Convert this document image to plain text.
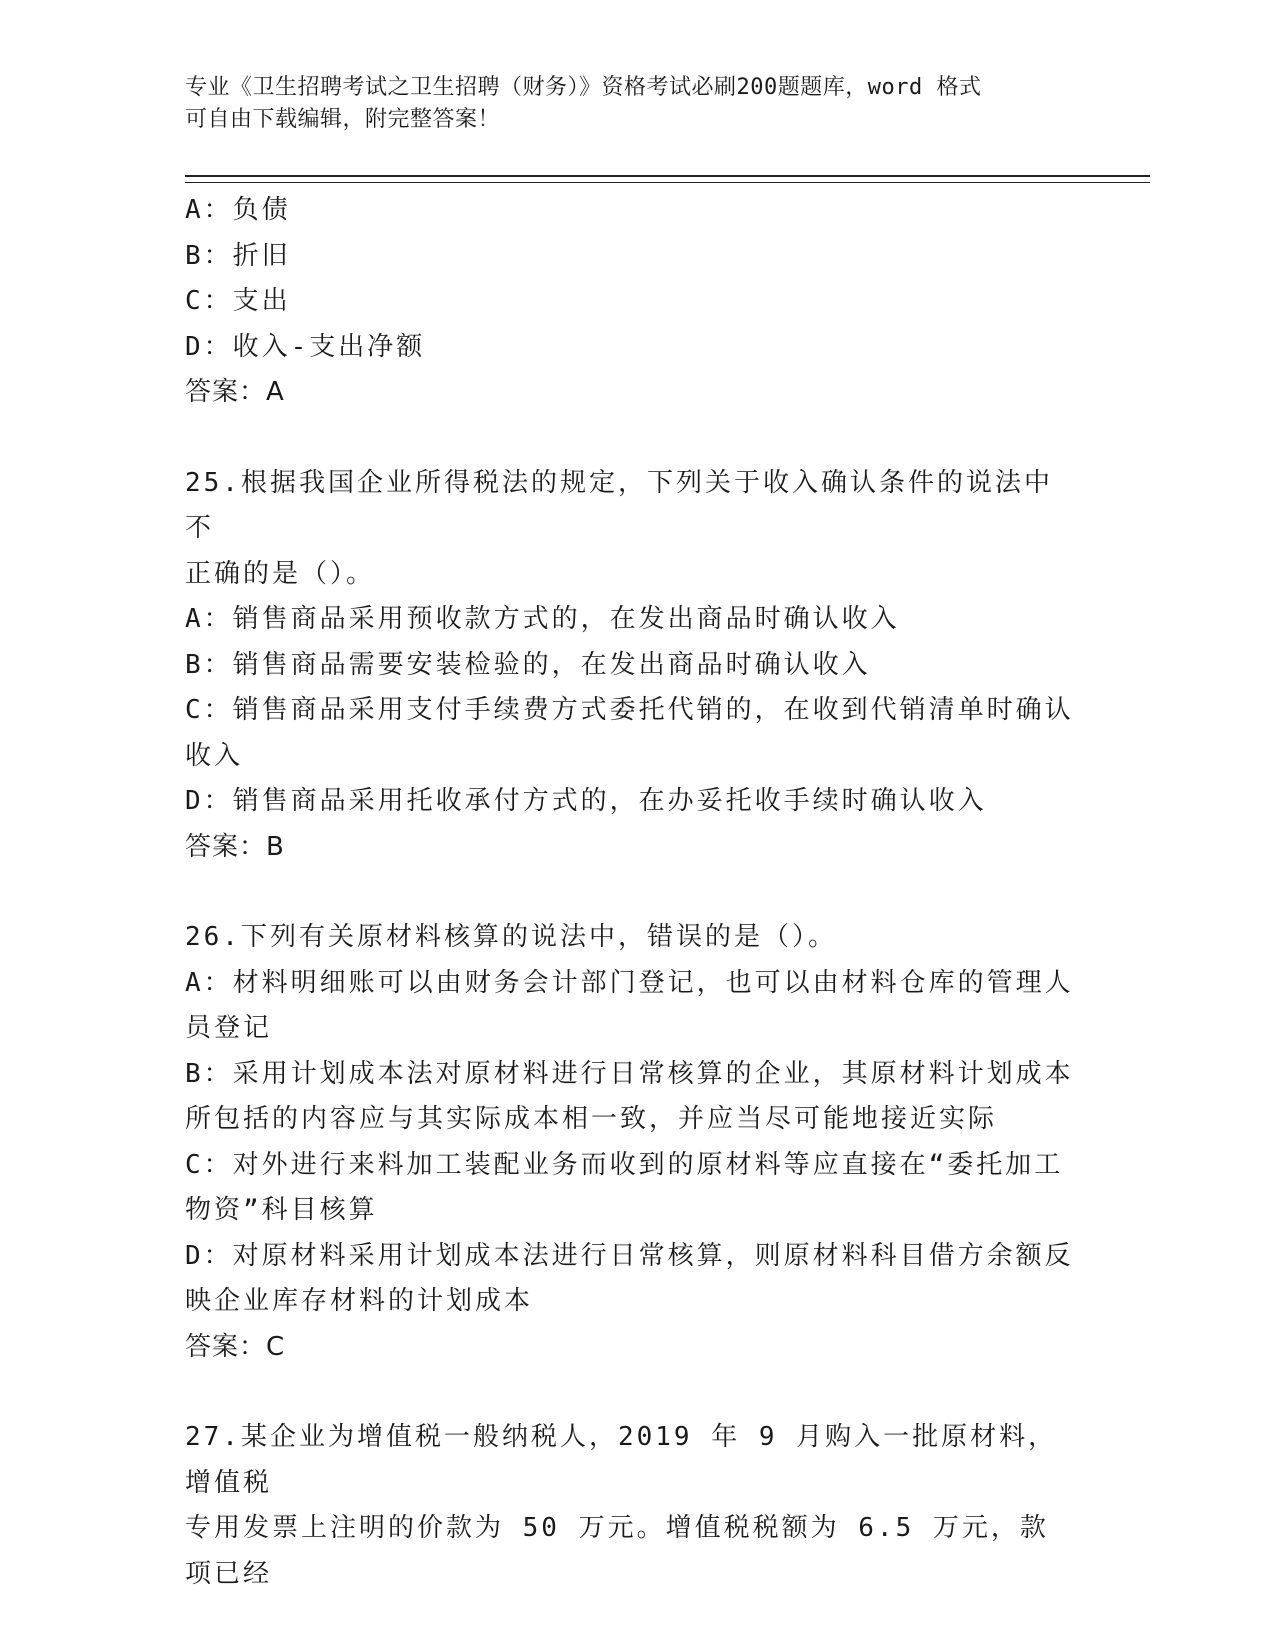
专业《卫生招聘考试之卫生招聘（财务）》资格考试必刷200题题库，word 格式

可自由下载编辑，附完整答案！

A：负债
B：折旧
C：支出
D：收入-支出净额
答案：A
25.根据我国企业所得税法的规定，下列关于收入确认条件的说法中不
正确的是（）。
A：销售商品采用预收款方式的，在发出商品时确认收入
B：销售商品需要安装检验的，在发出商品时确认收入
C：销售商品采用支付手续费方式委托代销的，在收到代销清单时确认
收入
D：销售商品采用托收承付方式的，在办妥托收手续时确认收入
答案：B
26.下列有关原材料核算的说法中，错误的是（）。
A：材料明细账可以由财务会计部门登记，也可以由材料仓库的管理人
员登记
B：采用计划成本法对原材料进行日常核算的企业，其原材料计划成本
所包括的内容应与其实际成本相一致，并应当尽可能地接近实际
C：对外进行来料加工装配业务而收到的原材料等应直接在“委托加工
物资”科目核算
D：对原材料采用计划成本法进行日常核算，则原材料科目借方余额反
映企业库存材料的计划成本
答案：C
27.某企业为增值税一般纳税人，2019 年 9 月购入一批原材料，增值税
专用发票上注明的价款为 50 万元。增值税税额为 6.5 万元，款项已经
